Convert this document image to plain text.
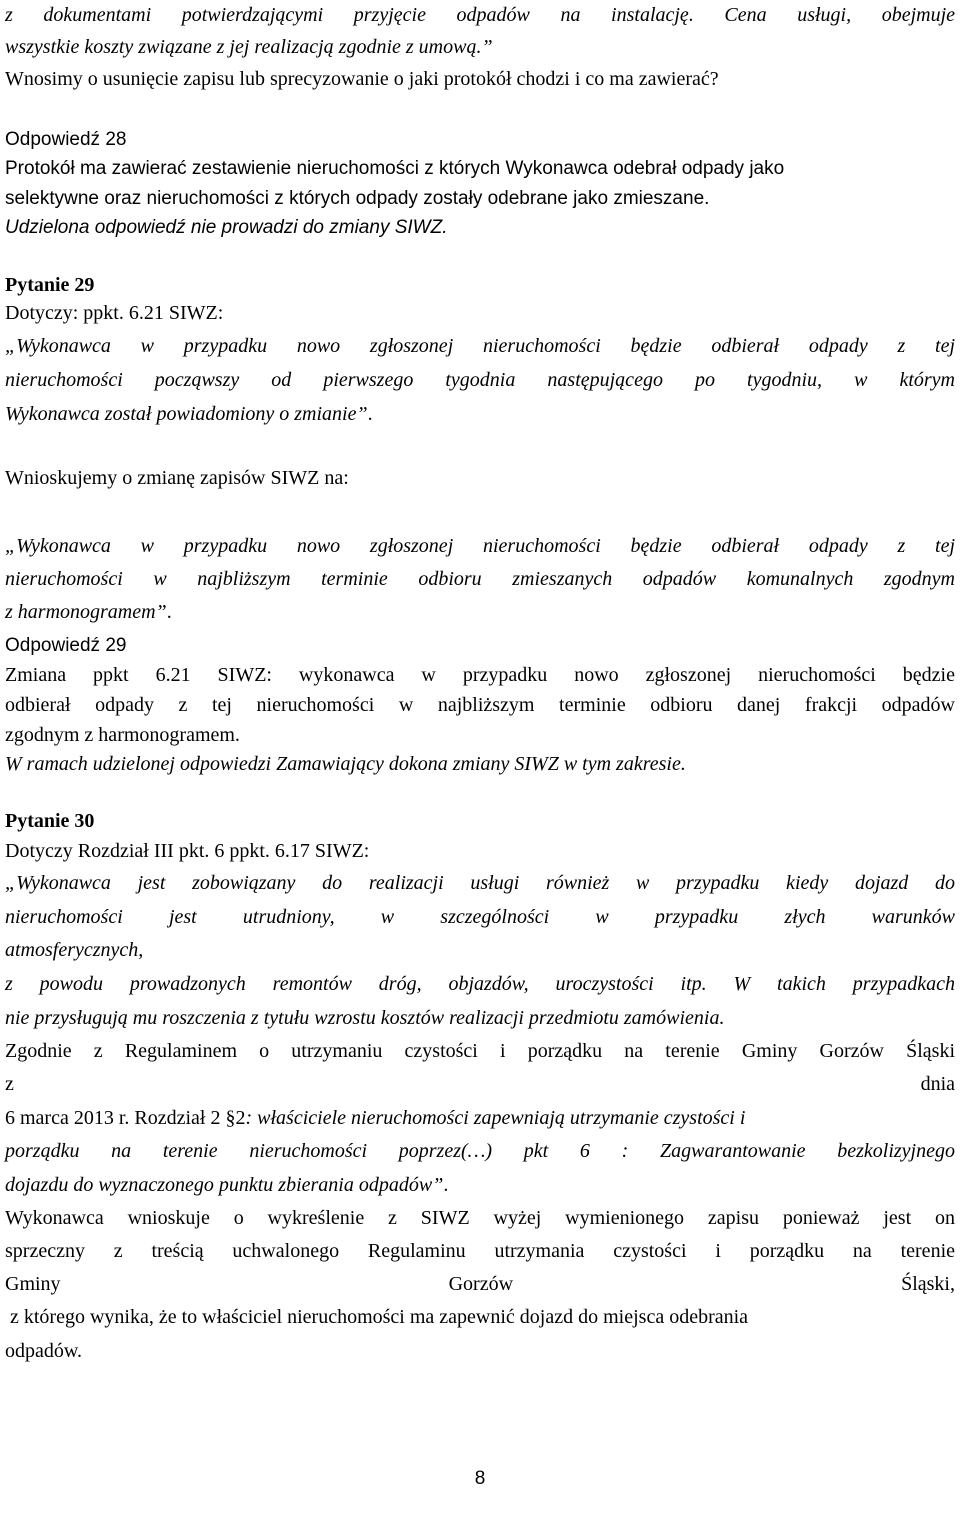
z dokumentami potwierdzającymi przyjęcie odpadów na instalację. Cena usługi, obejmuje

wszystkie koszty związane z jej realizacją zgodnie z umową.”

Wnosimy o usunięcie zapisu lub sprecyzowanie o jaki protokół chodzi i co ma zawierać?

Odpowiedź 28

Protokół ma zawierać zestawienie nieruchomości z których Wykonawca odebrał odpady jako

selektywne oraz nieruchomości z których odpady zostały odebrane jako zmieszane.

Udzielona odpowiedź nie prowadzi do zmiany SIWZ.

Pytanie 29

Dotyczy: ppkt. 6.21 SIWZ:

„Wykonawca w przypadku nowo zgłoszonej nieruchomości będzie odbierał odpady z tej

nieruchomości począwszy od pierwszego tygodnia następującego po tygodniu, w którym

Wykonawca został powiadomiony o zmianie”.

Wnioskujemy o zmianę zapisów SIWZ na:

„Wykonawca w przypadku nowo zgłoszonej nieruchomości będzie odbierał odpady z tej

nieruchomości w najbliższym terminie odbioru zmieszanych odpadów komunalnych zgodnym

z harmonogramem”.

Odpowiedź 29

Zmiana ppkt 6.21 SIWZ: wykonawca w przypadku nowo zgłoszonej nieruchomości będzie

odbierał odpady z tej nieruchomości w najbliższym terminie odbioru danej frakcji odpadów

zgodnym z harmonogramem.

W ramach udzielonej odpowiedzi Zamawiający dokona zmiany SIWZ w tym zakresie.

Pytanie 30

Dotyczy Rozdział III pkt. 6 ppkt. 6.17 SIWZ:

„Wykonawca jest zobowiązany do realizacji usługi również w przypadku kiedy dojazd do

nieruchomości jest utrudniony, w szczególności w przypadku złych warunków

atmosferycznych,

z powodu prowadzonych remontów dróg, objazdów, uroczystości itp. W takich przypadkach

nie przysługują mu roszczenia z tytułu wzrostu kosztów realizacji przedmiotu zamówienia.

Zgodnie z Regulaminem o utrzymaniu czystości i porządku na terenie Gminy Gorzów Śląski

z dnia

6 marca 2013 r. Rozdział 2 §2: właściciele nieruchomości zapewniają utrzymanie czystości i

porządku na terenie nieruchomości poprzez(…) pkt 6 : Zagwarantowanie bezkolizyjnego

dojazdu do wyznaczonego punktu zbierania odpadów”.

Wykonawca wnioskuje o wykreślenie z SIWZ wyżej wymienionego zapisu ponieważ jest on

sprzeczny z treścią uchwalonego Regulaminu utrzymania czystości i porządku na terenie

Gminy Gorzów Śląski,

z którego wynika, że to właściciel nieruchomości ma zapewnić dojazd do miejsca odebrania

odpadów.

8
